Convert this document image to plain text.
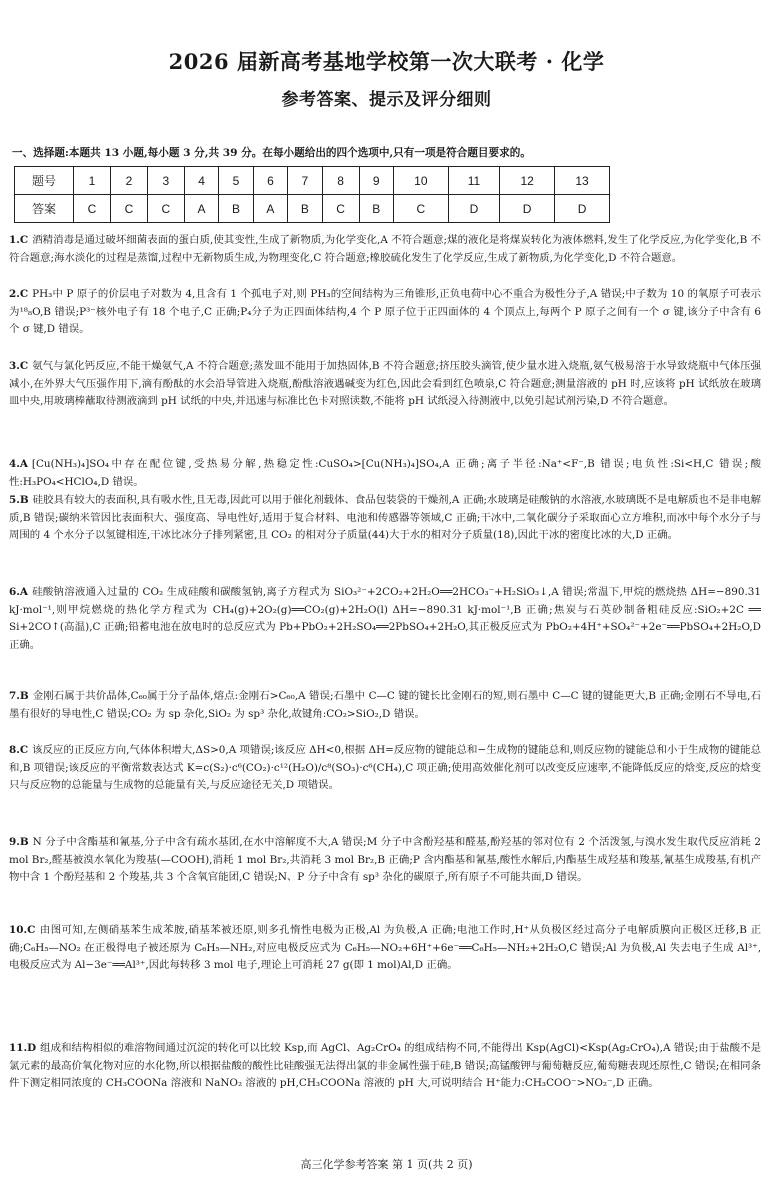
2026 届新高考基地学校第一次大联考 · 化学
参考答案、提示及评分细则
一、选择题:本题共 13 小题,每小题 3 分,共 39 分。在每小题给出的四个选项中,只有一项是符合题目要求的。
题号	1	2	3	4	5	6	7	8	9	10	11	12	13
答案	C	C	C	A	B	A	B	C	B	C	D	D	D
1.C 酒精消毒是通过破坏细菌表面的蛋白质,使其变性,生成了新物质,为化学变化,A 不符合题意;煤的液化是将煤炭转化为液体燃料,发生了化学反应,为化学变化,B 不符合题意;海水淡化的过程是蒸馏,过程中无新物质生成,为物理变化,C 符合题意;橡胶硫化发生了化学反应,生成了新物质,为化学变化,D 不符合题意。
2.C PH₃中 P 原子的价层电子对数为 4,且含有 1 个孤电子对,则 PH₃的空间结构为三角锥形,正负电荷中心不重合为极性分子,A 错误;中子数为 10 的氧原子可表示为¹⁸₈O,B 错误;P³⁻核外电子有 18 个电子,C 正确;P₄分子为正四面体结构,4 个 P 原子位于正四面体的 4 个顶点上,每两个 P 原子之间有一个 σ 键,该分子中含有 6 个 σ 键,D 错误。
3.C 氨气与氯化钙反应,不能干燥氨气,A 不符合题意;蒸发皿不能用于加热固体,B 不符合题意;挤压胶头滴管,使少量水进入烧瓶,氨气极易溶于水导致烧瓶中气体压强减小,在外界大气压强作用下,滴有酚酞的水会沿导管进入烧瓶,酚酞溶液遇碱变为红色,因此会看到红色喷泉,C 符合题意;测量溶液的 pH 时,应该将 pH 试纸放在玻璃皿中央,用玻璃棒蘸取待测液滴到 pH 试纸的中央,并迅速与标准比色卡对照读数,不能将 pH 试纸浸入待测液中,以免引起试剂污染,D 不符合题意。
4.A [Cu(NH₃)₄]SO₄中存在配位键,受热易分解,热稳定性:CuSO₄>[Cu(NH₃)₄]SO₄,A 正确;离子半径:Na⁺<F⁻,B 错误;电负性:Si<H,C 错误;酸性:H₃PO₄<HClO₄,D 错误。
5.B 硅胶具有较大的表面积,具有吸水性,且无毒,因此可以用于催化剂载体、食品包装袋的干燥剂,A 正确;水玻璃是硅酸钠的水溶液,水玻璃既不是电解质也不是非电解质,B 错误;碳纳米管因比表面积大、强度高、导电性好,适用于复合材料、电池和传感器等领域,C 正确;干冰中,二氧化碳分子采取面心立方堆积,而冰中每个水分子与周围的 4 个水分子以氢键相连,干冰比冰分子排列紧密,且 CO₂ 的相对分子质量(44)大于水的相对分子质量(18),因此干冰的密度比冰的大,D 正确。
6.A 硅酸钠溶液通入过量的 CO₂ 生成硅酸和碳酸氢钠,离子方程式为 SiO₃²⁻+2CO₂+2H₂O══2HCO₃⁻+H₂SiO₃↓,A 错误;常温下,甲烷的燃烧热 ΔH=−890.31 kJ·mol⁻¹,则甲烷燃烧的热化学方程式为 CH₄(g)+2O₂(g)══CO₂(g)+2H₂O(l) ΔH=−890.31 kJ·mol⁻¹,B 正确;焦炭与石英砂制备粗硅反应:SiO₂+2C ══ Si+2CO↑(高温),C 正确;铅蓄电池在放电时的总反应式为 Pb+PbO₂+2H₂SO₄══2PbSO₄+2H₂O,其正极反应式为 PbO₂+4H⁺+SO₄²⁻+2e⁻══PbSO₄+2H₂O,D 正确。
7.B 金刚石属于共价晶体,C₆₀属于分子晶体,熔点:金刚石>C₆₀,A 错误;石墨中 C—C 键的键长比金刚石的短,则石墨中 C—C 键的键能更大,B 正确;金刚石不导电,石墨有很好的导电性,C 错误;CO₂ 为 sp 杂化,SiO₂ 为 sp³ 杂化,故键角:CO₂>SiO₂,D 错误。
8.C 该反应的正反应方向,气体体积增大,ΔS>0,A 项错误;该反应 ΔH<0,根据 ΔH=反应物的键能总和−生成物的键能总和,则反应物的键能总和小于生成物的键能总和,B 项错误;该反应的平衡常数表达式 K=c(S₂)·c⁶(CO₂)·c¹²(H₂O)/c⁸(SO₃)·c⁶(CH₄),C 项正确;使用高效催化剂可以改变反应速率,不能降低反应的焓变,反应的焓变只与反应物的总能量与生成物的总能量有关,与反应途径无关,D 项错误。
9.B N 分子中含酯基和氰基,分子中含有疏水基团,在水中溶解度不大,A 错误;M 分子中含酚羟基和醛基,酚羟基的邻对位有 2 个活泼氢,与溴水发生取代反应消耗 2 mol Br₂,醛基被溴水氧化为羧基(—COOH),消耗 1 mol Br₂,共消耗 3 mol Br₂,B 正确;P 含内酯基和氰基,酸性水解后,内酯基生成羟基和羧基,氰基生成羧基,有机产物中含 1 个酚羟基和 2 个羧基,共 3 个含氧官能团,C 错误;N、P 分子中含有 sp³ 杂化的碳原子,所有原子不可能共面,D 错误。
10.C 由图可知,左侧硝基苯生成苯胺,硝基苯被还原,则多孔惰性电极为正极,Al 为负极,A 正确;电池工作时,H⁺从负极区经过高分子电解质膜向正极区迁移,B 正确;C₆H₅—NO₂ 在正极得电子被还原为 C₆H₅—NH₂,对应电极反应式为 C₆H₅—NO₂+6H⁺+6e⁻══C₆H₅—NH₂+2H₂O,C 错误;Al 为负极,Al 失去电子生成 Al³⁺,电极反应式为 Al−3e⁻══Al³⁺,因此每转移 3 mol 电子,理论上可消耗 27 g(即 1 mol)Al,D 正确。
11.D 组成和结构相似的难溶物间通过沉淀的转化可以比较 Ksp,而 AgCl、Ag₂CrO₄ 的组成结构不同,不能得出 Ksp(AgCl)<Ksp(Ag₂CrO₄),A 错误;由于盐酸不是氯元素的最高价氧化物对应的水化物,所以根据盐酸的酸性比硅酸强无法得出氯的非金属性强于硅,B 错误;高锰酸钾与葡萄糖反应,葡萄糖表现还原性,C 错误;在相同条件下测定相同浓度的 CH₃COONa 溶液和 NaNO₂ 溶液的 pH,CH₃COONa 溶液的 pH 大,可说明结合 H⁺能力:CH₃COO⁻>NO₂⁻,D 正确。
高三化学参考答案 第 1 页(共 2 页)
